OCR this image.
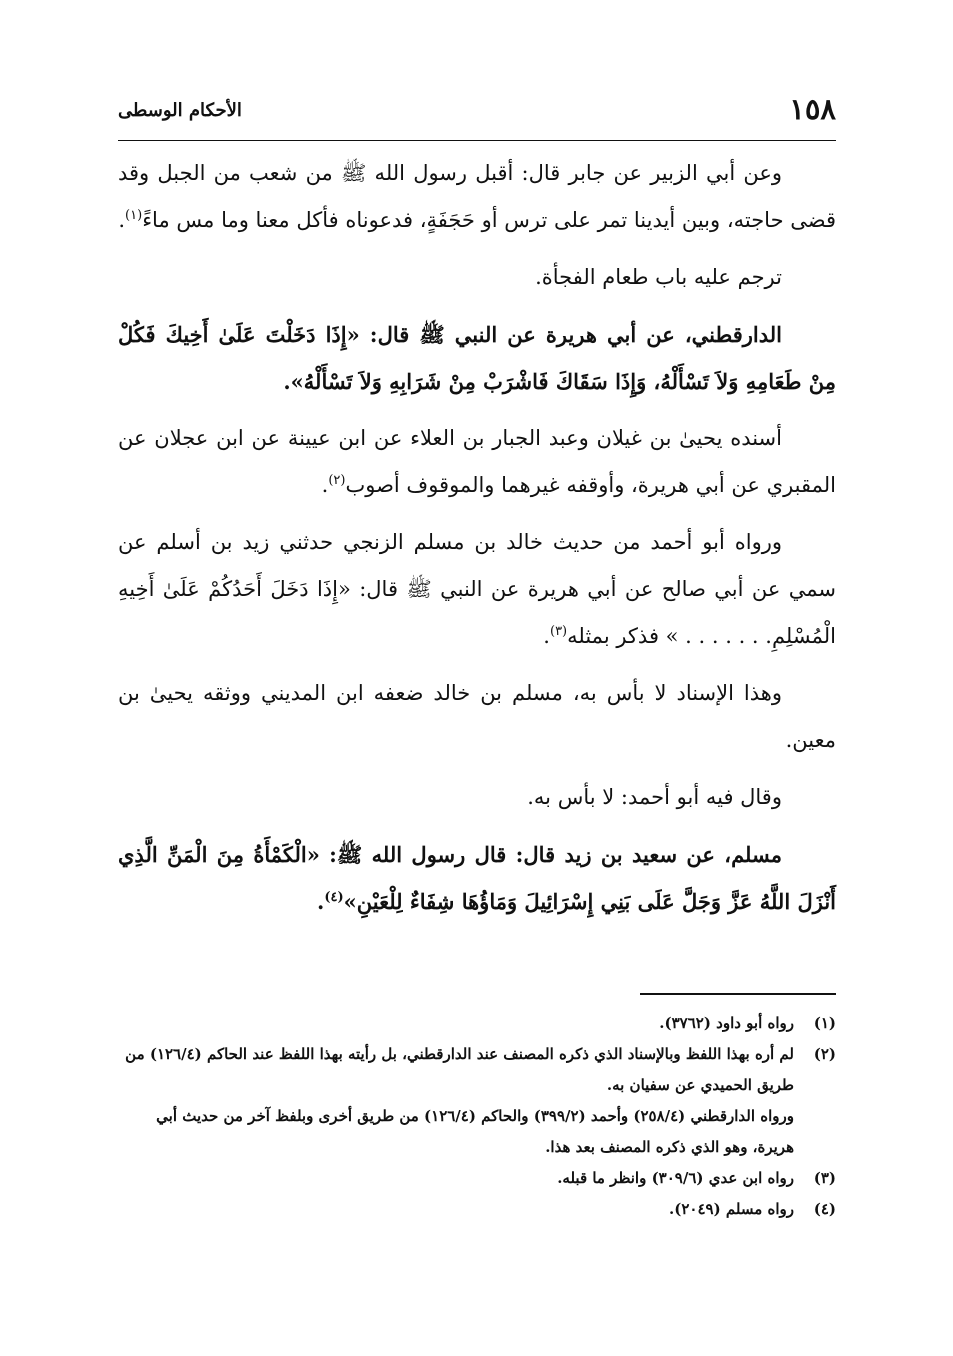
١٥٨
الأحكام الوسطى

وعن أبي الزبير عن جابر قال: أقبل رسول الله ﷺ من شعب من الجبل وقد قضى حاجته، وبين أيدينا تمر على ترس أو حَجَفَةٍ، فدعوناه فأكل معنا وما مس ماءً$^{(١)}$.

ترجم عليه باب طعام الفجأة.

الدارقطني، عن أبي هريرة عن النبي ﷺ قال: «إِذَا دَخَلْتَ عَلَىٰ أَخِيكَ فَكُلْ مِنْ طَعَامِهِ وَلاَ تَسْأَلْهُ، وَإِذَا سَقَاكَ فَاشْرَبْ مِنْ شَرَابِهِ وَلاَ تَسْأَلْهُ».

أسنده يحيىٰ بن غيلان وعبد الجبار بن العلاء عن ابن عيينة عن ابن عجلان عن المقبري عن أبي هريرة، وأوقفه غيرهما والموقوف أصوب$^{(٢)}$.

ورواه أبو أحمد من حديث خالد بن مسلم الزنجي حدثني زيد بن أسلم عن سمي عن أبي صالح عن أبي هريرة عن النبي ﷺ قال: «إِذَا دَخَلَ أَحَدُكُمْ عَلَىٰ أَخِيهِ الْمُسْلِمِ. . . . . . . » فذكر بمثله$^{(٣)}$.

وهذا الإسناد لا بأس به، مسلم بن خالد ضعفه ابن المديني ووثقه يحيىٰ بن معين.

وقال فيه أبو أحمد: لا بأس به.

مسلم، عن سعيد بن زيد قال: قال رسول الله ﷺ: «الْكَمْأَةُ مِنَ الْمَنِّ الَّذِي أَنْزَلَ اللَّهُ عَزَّ وَجَلَّ عَلَى بَنِي إِسْرَائِيلَ وَمَاؤُهَا شِفَاءٌ لِلْعَيْنِ»$^{(٤)}$.

(١)
رواه أبو داود (٣٧٦٢).

(٢)
لم أره بهذا اللفظ وبالإسناد الذي ذكره المصنف عند الدارقطني، بل رأيته بهذا اللفظ عند الحاكم (١٢٦/٤) من طريق الحميدي عن سفيان به.
ورواه الدارقطني (٢٥٨/٤) وأحمد (٣٩٩/٢) والحاكم (١٢٦/٤) من طريق أخرى وبلفظ آخر من حديث أبي هريرة، وهو الذي ذكره المصنف بعد هذا.

(٣)
رواه ابن عدي (٣٠٩/٦) وانظر ما قبله.

(٤)
رواه مسلم (٢٠٤٩).
